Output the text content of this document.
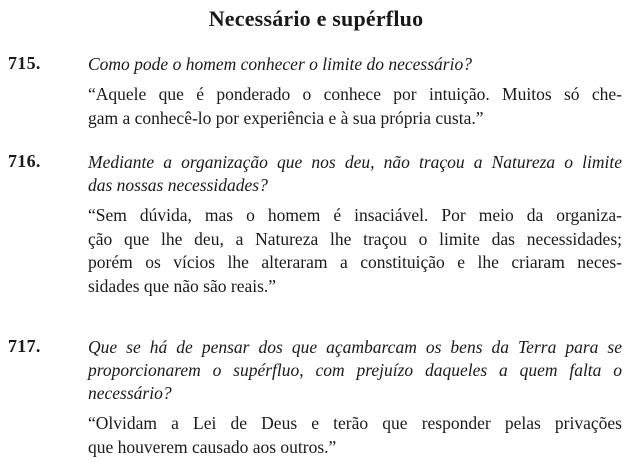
Necessário e supérfluo
715.	Como pode o homem conhecer o limite do necessário?

“Aquele que é ponderado o conhece por intuição. Muitos só che-
gam a conhecê-lo por experiência e à sua própria custa.”

716.	Mediante a organização que nos deu, não traçou a Natureza o limite
das nossas necessidades?

“Sem dúvida, mas o homem é insaciável. Por meio da organiza-
ção que lhe deu, a Natureza lhe traçou o limite das necessidades;
porém os vícios lhe alteraram a constituição e lhe criaram neces-
sidades que não são reais.”

717.	Que se há de pensar dos que açambarcam os bens da Terra para se
proporcionarem o supérfluo, com prejuízo daqueles a quem falta o
necessário?

“Olvidam a Lei de Deus e terão que responder pelas privações
que houverem causado aos outros.”
